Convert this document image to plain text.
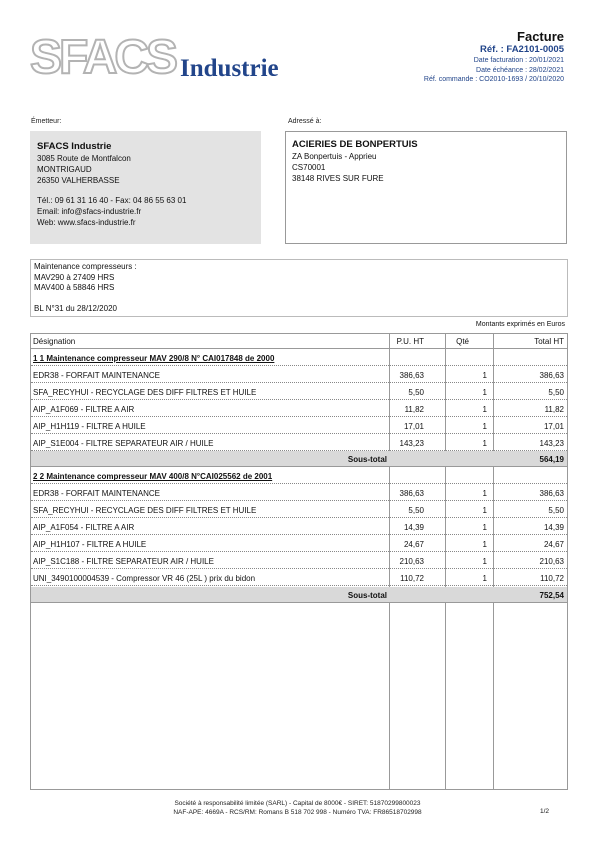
SFACS Industrie
Facture
Réf. : FA2101-0005
Date facturation : 20/01/2021
Date échéance : 28/02/2021
Réf. commande : CO2010-1693 / 20/10/2020
Émetteur:
SFACS Industrie
3085 Route de Montfalcon
MONTRIGAUD
26350 VALHERBASSE
Tél.: 09 61 31 16 40 - Fax: 04 86 55 63 01
Email: info@sfacs-industrie.fr
Web: www.sfacs-industrie.fr
Adressé à:
ACIERIES DE BONPERTUIS
ZA Bonpertuis - Apprieu
CS70001
38148 RIVES SUR FURE
Maintenance compresseurs :
MAV290 à 27409 HRS
MAV400 à 58846 HRS
BL N°31 du 28/12/2020
Montants exprimés en Euros
Désignation	P.U. HT	Qté	Total HT
1 1 Maintenance compresseur MAV 290/8 N° CAI017848 de 2000
EDR38 - FORFAIT MAINTENANCE	386,63	1	386,63
SFA_RECYHUI - RECYCLAGE DES DIFF FILTRES ET HUILE	5,50	1	5,50
AIP_A1F069 - FILTRE A AIR	11,82	1	11,82
AIP_H1H119 - FILTRE A HUILE	17,01	1	17,01
AIP_S1E004 - FILTRE SEPARATEUR AIR / HUILE	143,23	1	143,23
Sous-total	564,19
2 2 Maintenance compresseur MAV 400/8 N°CAI025562 de 2001
EDR38 - FORFAIT MAINTENANCE	386,63	1	386,63
SFA_RECYHUI - RECYCLAGE DES DIFF FILTRES ET HUILE	5,50	1	5,50
AIP_A1F054 - FILTRE A AIR	14,39	1	14,39
AIP_H1H107 - FILTRE A HUILE	24,67	1	24,67
AIP_S1C188 - FILTRE SEPARATEUR AIR / HUILE	210,63	1	210,63
UNI_3490100004539 - Compressor VR 46 (25L ) prix du bidon	110,72	1	110,72
Sous-total	752,54
Société à responsabilité limitée (SARL) - Capital de 8000€ - SIRET: 51870299800023
NAF-APE: 4669A - RCS/RM: Romans B 518 702 998 - Numéro TVA: FR86518702998	1/2
